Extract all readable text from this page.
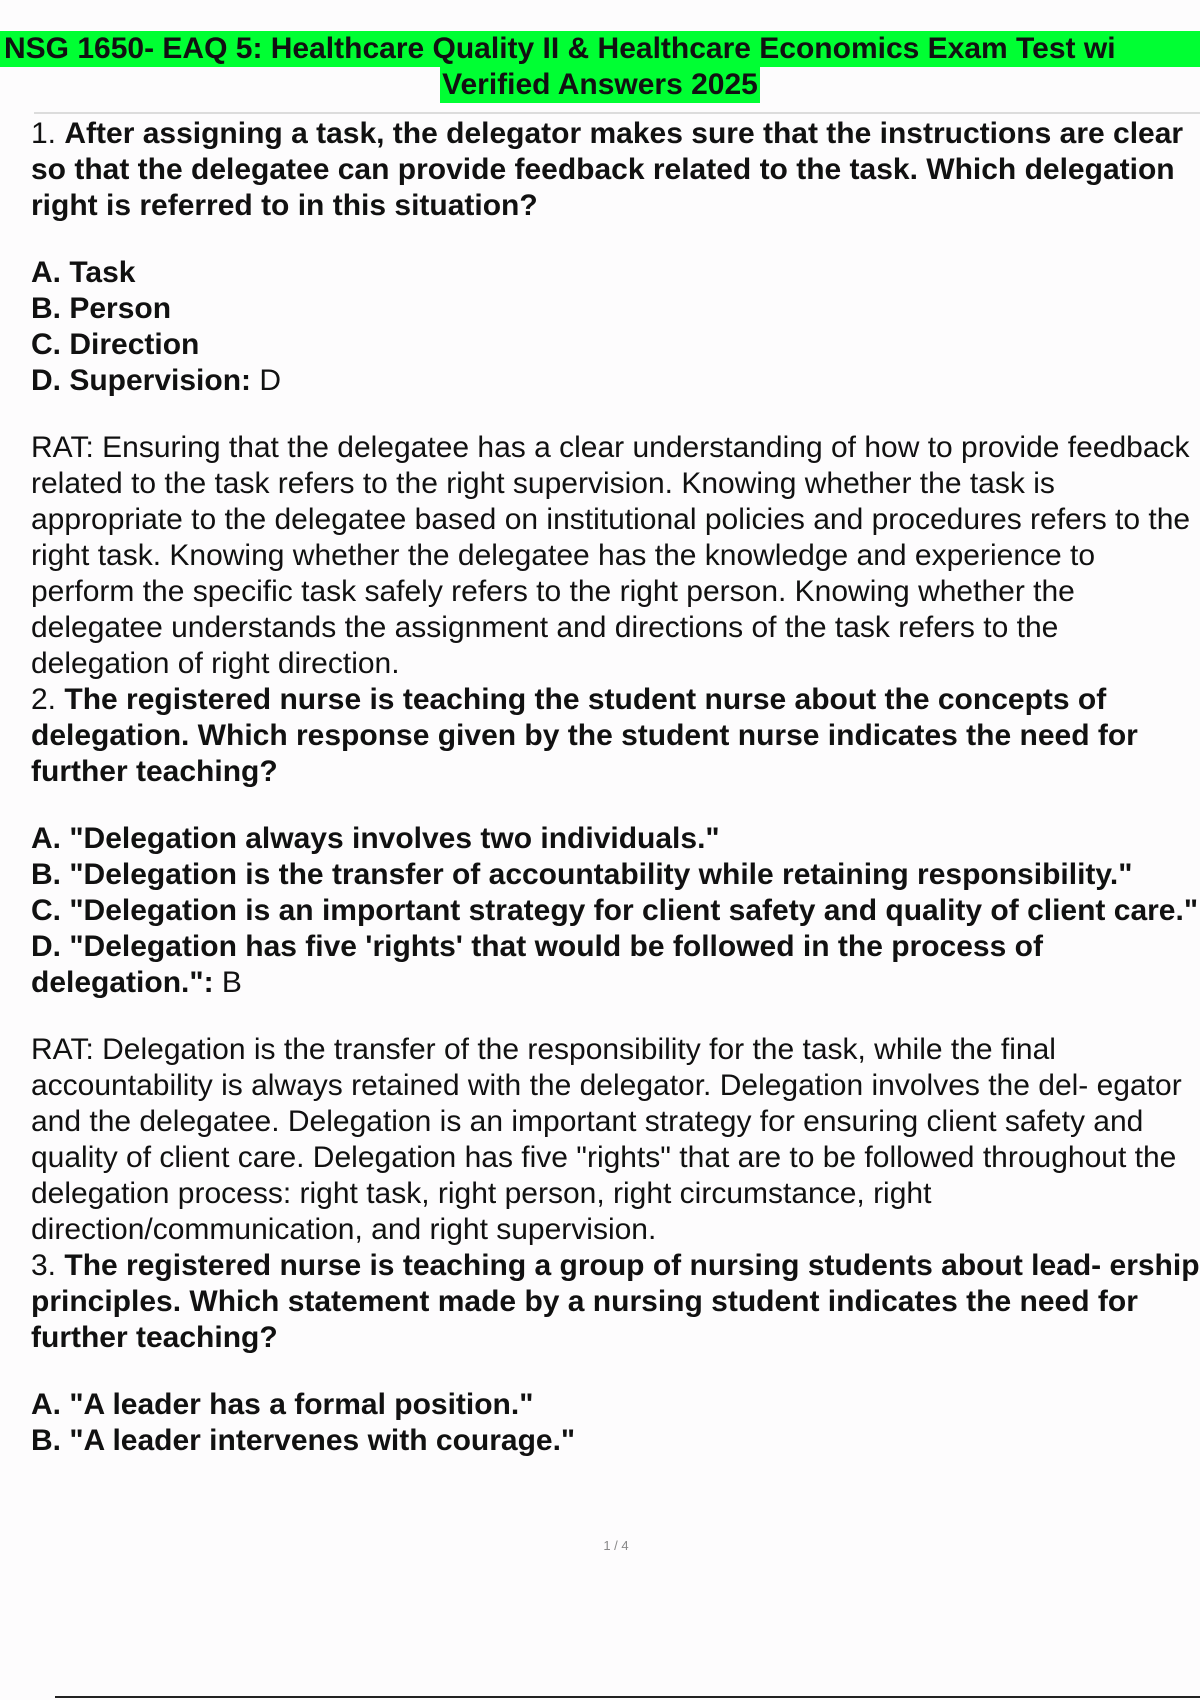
NSG 1650- EAQ 5: Healthcare Quality II & Healthcare Economics Exam Test wi
Verified Answers 2025

1. After assigning a task, the delegator makes sure that the instructions are clear so that the delegatee can provide feedback related to the task. Which delegation right is referred to in this situation?

A. Task

B. Person

C. Direction

D. Supervision: D

RAT: Ensuring that the delegatee has a clear understanding of how to provide feedback related to the task refers to the right supervision. Knowing whether the task is appropriate to the delegatee based on institutional policies and procedures refers to the right task. Knowing whether the delegatee has the knowledge and experience to perform the specific task safely refers to the right person. Knowing whether the delegatee understands the assignment and directions of the task refers to the delegation of right direction.

2. The registered nurse is teaching the student nurse about the concepts of delegation. Which response given by the student nurse indicates the need for further teaching?

A. "Delegation always involves two individuals."

B. "Delegation is the transfer of accountability while retaining responsibility."

C. "Delegation is an important strategy for client safety and quality of client care."

D. "Delegation has five 'rights' that would be followed in the process of delegation.": B

RAT: Delegation is the transfer of the responsibility for the task, while the final accountability is always retained with the delegator. Delegation involves the del- egator and the delegatee. Delegation is an important strategy for ensuring client safety and quality of client care. Delegation has five "rights" that are to be followed throughout the delegation process: right task, right person, right circumstance, right direction/communication, and right supervision.

3. The registered nurse is teaching a group of nursing students about lead- ership principles. Which statement made by a nursing student indicates the need for further teaching?

A. "A leader has a formal position."

B. "A leader intervenes with courage."

1 / 4
